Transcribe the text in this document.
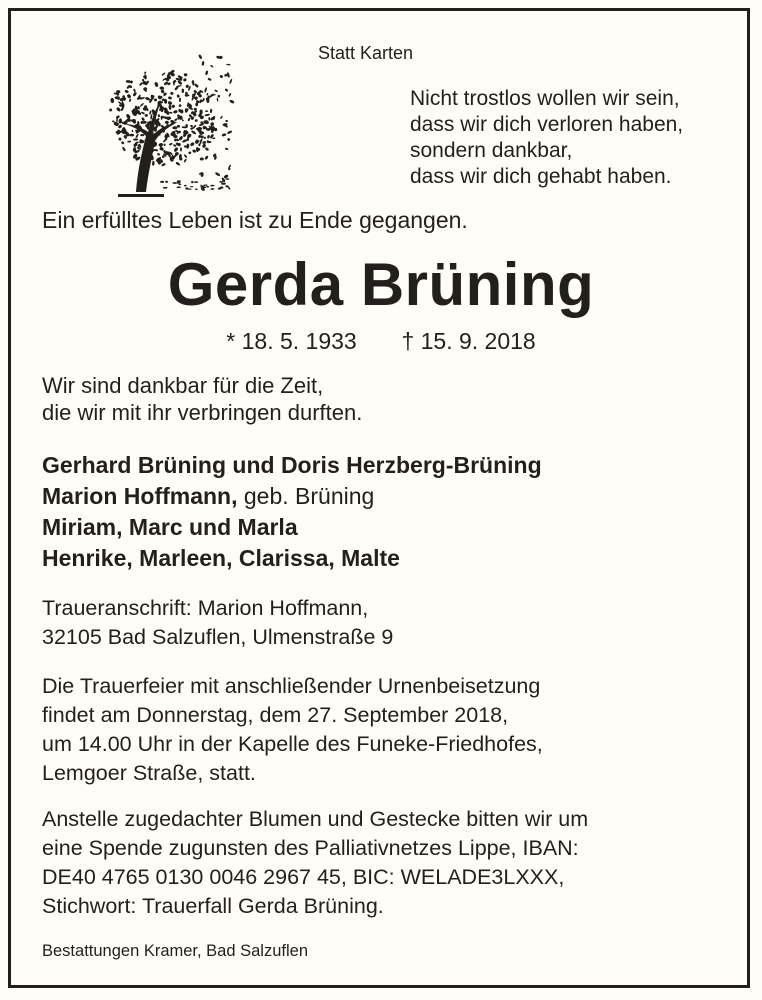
Statt Karten
Nicht trostlos wollen wir sein,
dass wir dich verloren haben,
sondern dankbar,
dass wir dich gehabt haben.
Ein erfülltes Leben ist zu Ende gegangen.
Gerda Brüning
* 18. 5. 1933       † 15. 9. 2018
Wir sind dankbar für die Zeit,
die wir mit ihr verbringen durften.
Gerhard Brüning und Doris Herzberg-Brüning
Marion Hoffmann, geb. Brüning
Miriam, Marc und Marla
Henrike, Marleen, Clarissa, Malte
Traueranschrift: Marion Hoffmann,
32105 Bad Salzuflen, Ulmenstraße 9
Die Trauerfeier mit anschließender Urnenbeisetzung
findet am Donnerstag, dem 27. September 2018,
um 14.00 Uhr in der Kapelle des Funeke-Friedhofes,
Lemgoer Straße, statt.
Anstelle zugedachter Blumen und Gestecke bitten wir um
eine Spende zugunsten des Palliativnetzes Lippe, IBAN:
DE40 4765 0130 0046 2967 45, BIC: WELADE3LXXX,
Stichwort: Trauerfall Gerda Brüning.
Bestattungen Kramer, Bad Salzuflen
